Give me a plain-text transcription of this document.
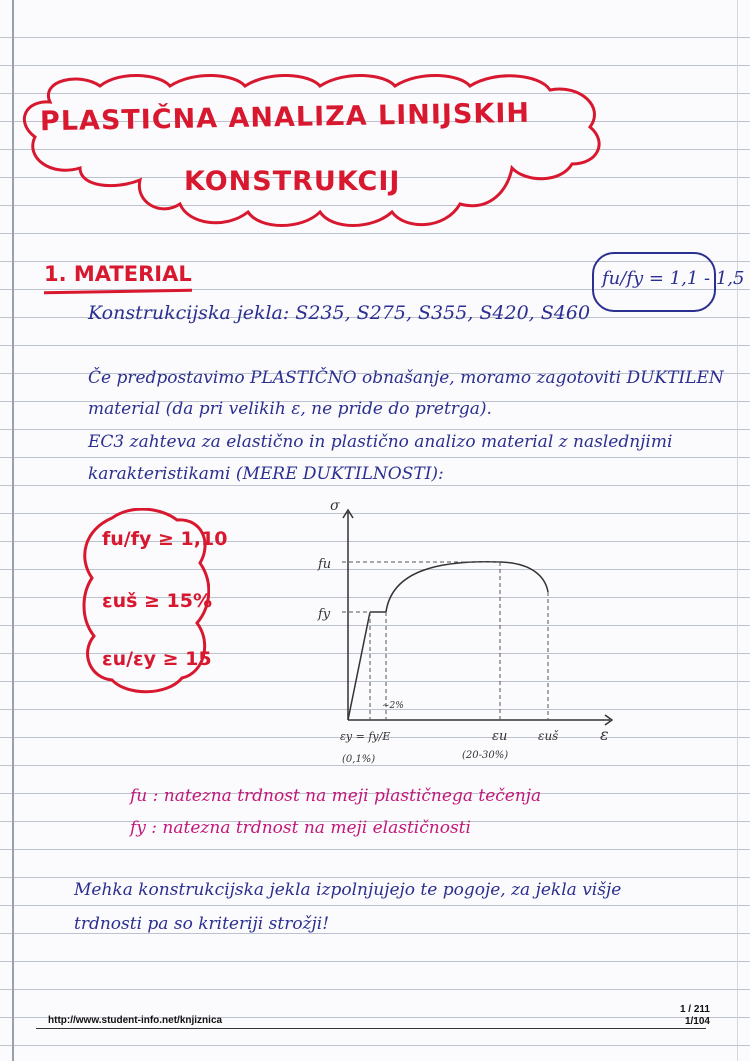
PLASTIČNA ANALIZA LINIJSKIH
KONSTRUKCIJ
1. MATERIAL	fu/fy = 1,1 - 1,5
Konstrukcijska jekla: S235, S275, S355, S420, S460
Če predpostavimo PLASTIČNO obnašanje, moramo zagotoviti DUKTILEN
material (da pri velikih ε, ne pride do pretrga).
EC3 zahteva za elastično in plastično analizo material z naslednjimi
karakteristikami (MERE DUKTILNOSTI):
fu/fy ≥ 1,10
εuš ≥ 15%
εu/εy ≥ 15
σ
ε
fu
fy
~2%
εy = fy/E
(0,1%)
εu
(20-30%)
εuš
fu : natezna trdnost na meji plastičnega tečenja
fy : natezna trdnost na meji elastičnosti
Mehka konstrukcijska jekla izpolnjujejo te pogoje, za jekla višje
trdnosti pa so kriteriji strožji!
http://www.student-info.net/knjiznica
1 / 211
1/104
